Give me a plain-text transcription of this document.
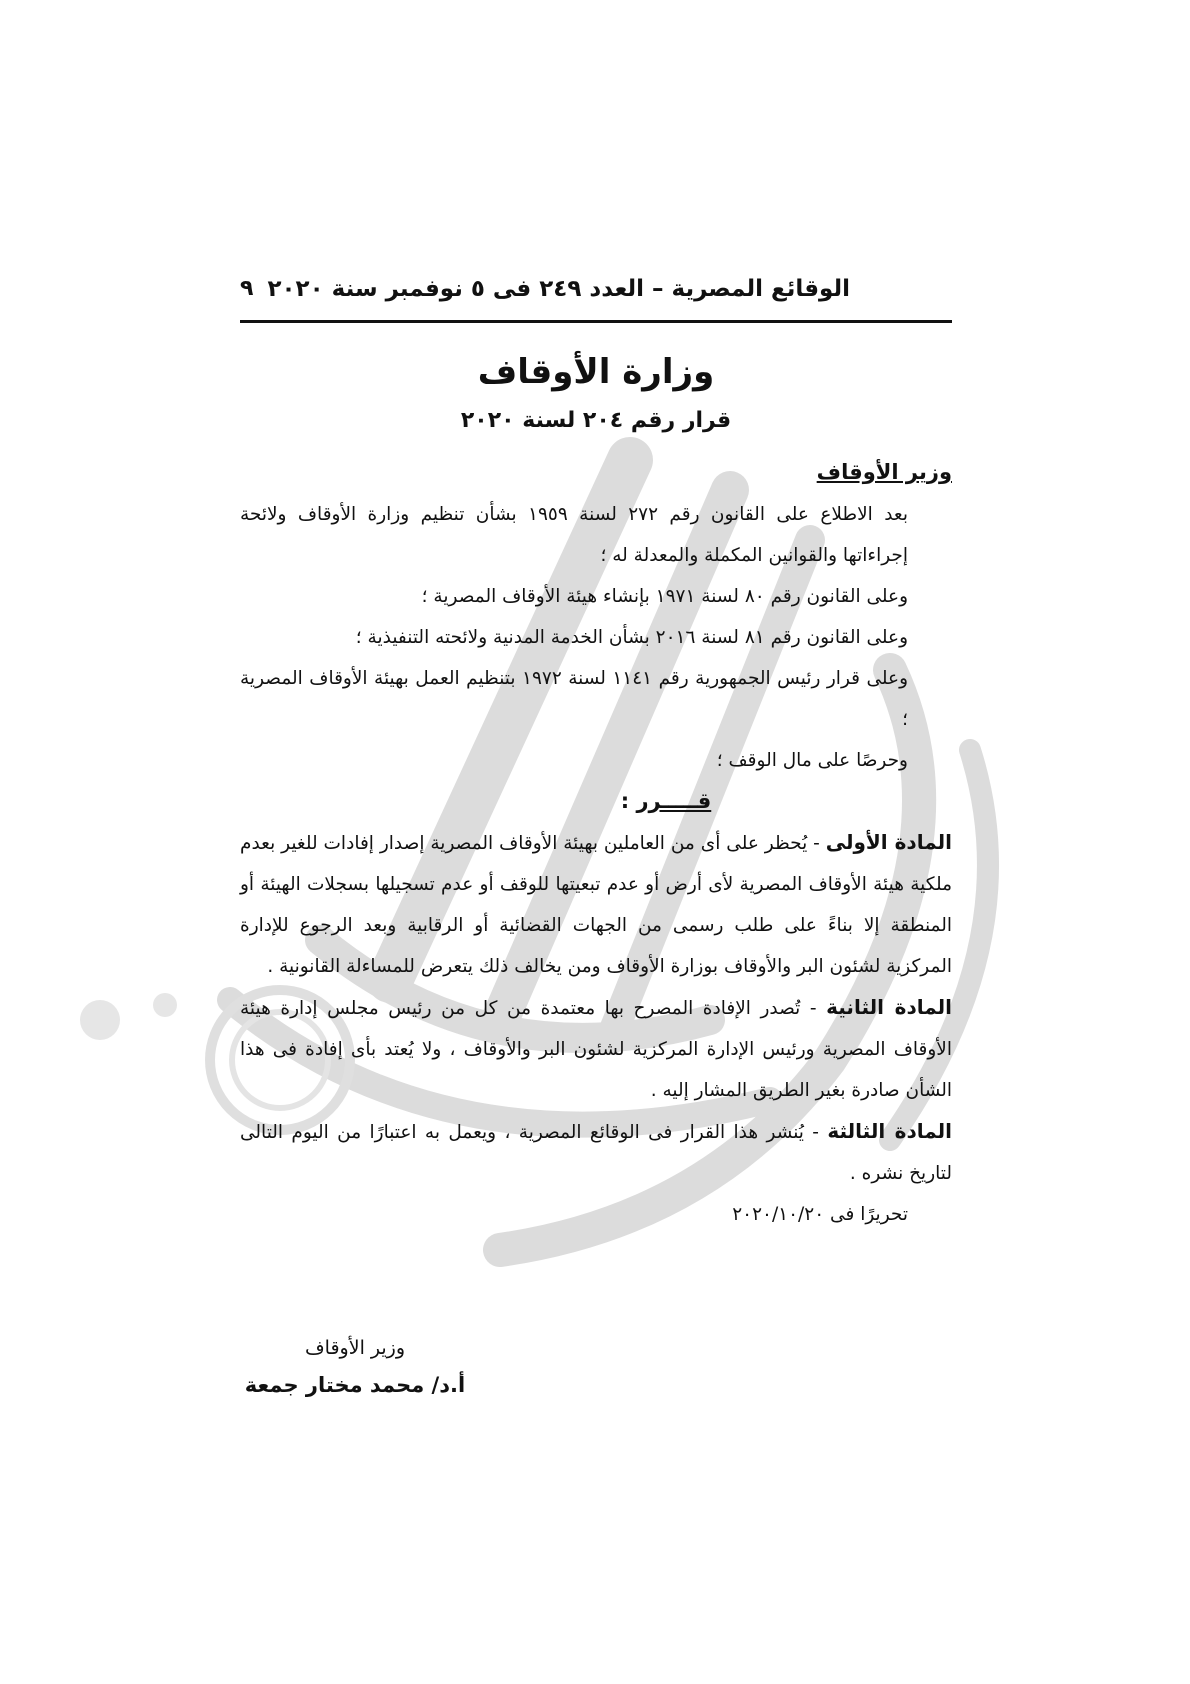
الوقائع المصرية – العدد ٢٤٩ فى ٥ نوفمبر سنة ٢٠٢٠
٩
وزارة الأوقاف
قرار رقم ٢٠٤ لسنة ٢٠٢٠

وزير الأوقاف

بعد الاطلاع على القانون رقم ٢٧٢ لسنة ١٩٥٩ بشأن تنظيم وزارة الأوقاف ولائحة إجراءاتها والقوانين المكملة والمعدلة له ؛

وعلى القانون رقم ٨٠ لسنة ١٩٧١ بإنشاء هيئة الأوقاف المصرية ؛

وعلى القانون رقم ٨١ لسنة ٢٠١٦ بشأن الخدمة المدنية ولائحته التنفيذية ؛

وعلى قرار رئيس الجمهورية رقم ١١٤١ لسنة ١٩٧٢ بتنظيم العمل بهيئة الأوقاف المصرية ؛

وحرصًا على مال الوقف ؛

قـــــرر :

المادة الأولى - يُحظر على أى من العاملين بهيئة الأوقاف المصرية إصدار إفادات للغير بعدم ملكية هيئة الأوقاف المصرية لأى أرض أو عدم تبعيتها للوقف أو عدم تسجيلها بسجلات الهيئة أو المنطقة إلا بناءً على طلب رسمى من الجهات القضائية أو الرقابية وبعد الرجوع للإدارة المركزية لشئون البر والأوقاف بوزارة الأوقاف ومن يخالف ذلك يتعرض للمساءلة القانونية .

المادة الثانية - تُصدر الإفادة المصرح بها معتمدة من كل من رئيس مجلس إدارة هيئة الأوقاف المصرية ورئيس الإدارة المركزية لشئون البر والأوقاف ، ولا يُعتد بأى إفادة فى هذا الشأن صادرة بغير الطريق المشار إليه .

المادة الثالثة - يُنشر هذا القرار فى الوقائع المصرية ، ويعمل به اعتبارًا من اليوم التالى لتاريخ نشره .

تحريرًا فى ٢٠٢٠/١٠/٢٠

وزير الأوقاف
أ.د/ محمد مختار جمعة
